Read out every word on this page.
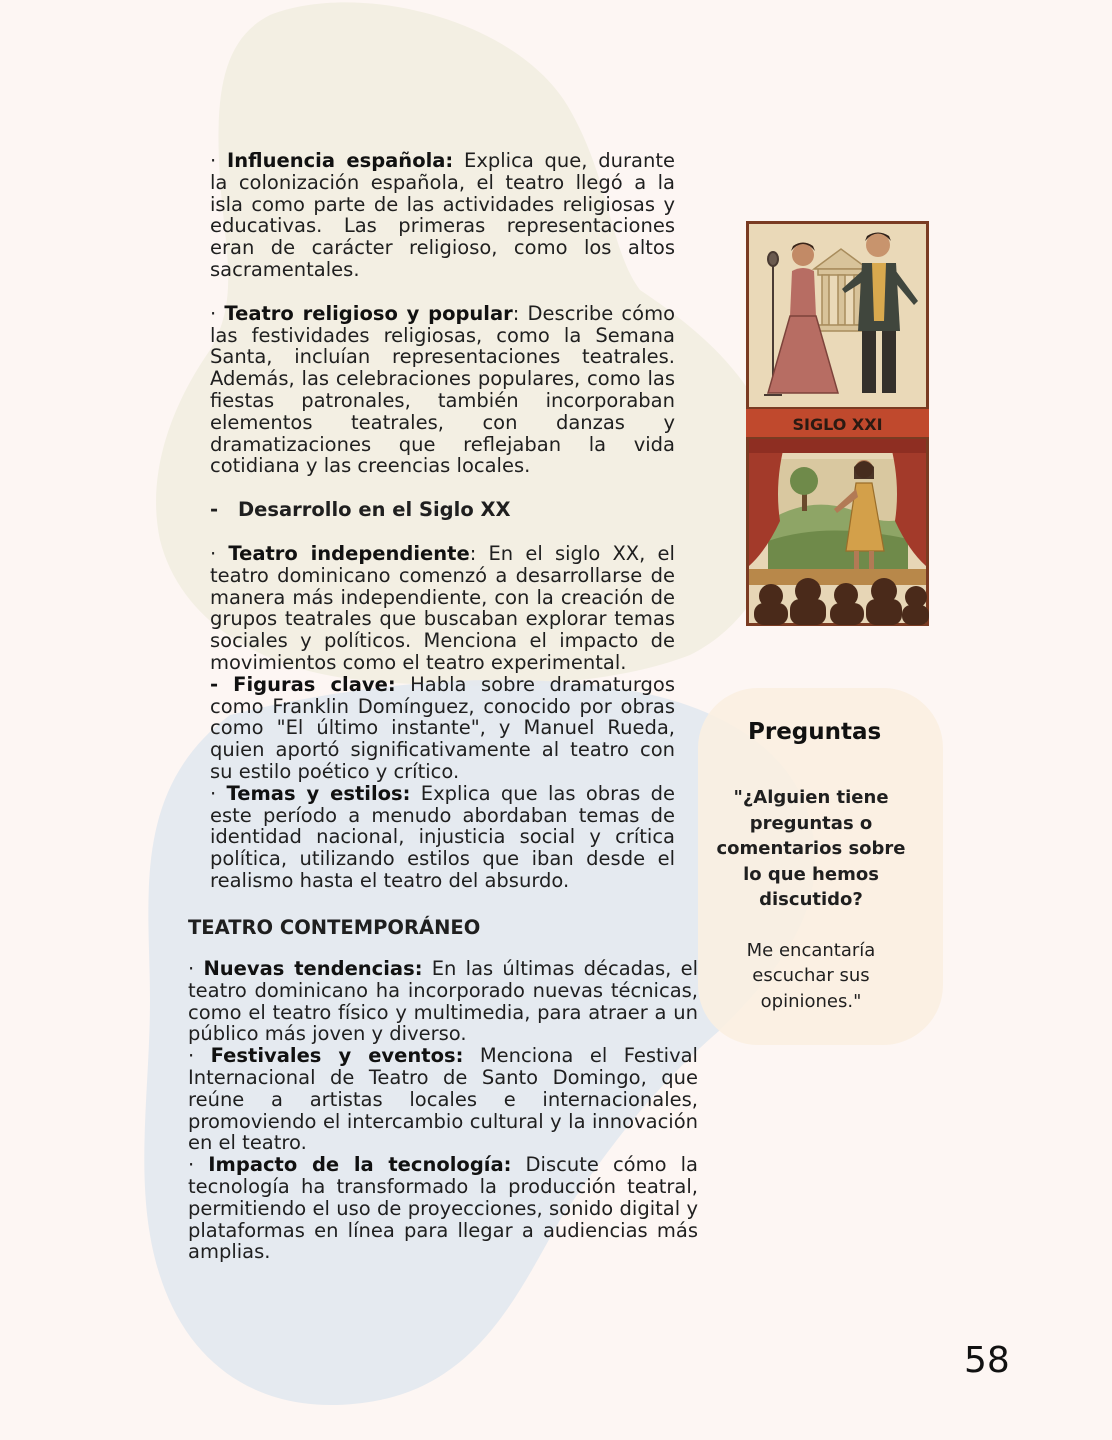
· Influencia española: Explica que, durante la colonización española, el teatro llegó a la isla como parte de las actividades religiosas y educativas. Las primeras representaciones eran de carácter religioso, como los altos sacramentales.

· Teatro religioso y popular: Describe cómo las festividades religiosas, como la Semana Santa, incluían representaciones teatrales. Además, las celebraciones populares, como las fiestas patronales, también incorporaban elementos teatrales, con danzas y dramatizaciones que reflejaban la vida cotidiana y las creencias locales.

- Desarrollo en el Siglo XX

· Teatro independiente: En el siglo XX, el teatro dominicano comenzó a desarrollarse de manera más independiente, con la creación de grupos teatrales que buscaban explorar temas sociales y políticos. Menciona el impacto de movimientos como el teatro experimental.

- Figuras clave: Habla sobre dramaturgos como Franklin Domínguez, conocido por obras como "El último instante", y Manuel Rueda, quien aportó significativamente al teatro con su estilo poético y crítico.

· Temas y estilos: Explica que las obras de este período a menudo abordaban temas de identidad nacional, injusticia social y crítica política, utilizando estilos que iban desde el realismo hasta el teatro del absurdo.

TEATRO CONTEMPORÁNEO

· Nuevas tendencias: En las últimas décadas, el teatro dominicano ha incorporado nuevas técnicas, como el teatro físico y multimedia, para atraer a un público más joven y diverso.

· Festivales y eventos: Menciona el Festival Internacional de Teatro de Santo Domingo, que reúne a artistas locales e internacionales, promoviendo el intercambio cultural y la innovación en el teatro.

· Impacto de la tecnología: Discute cómo la tecnología ha transformado la producción teatral, permitiendo el uso de proyecciones, sonido digital y plataformas en línea para llegar a audiencias más amplias.

SIGLO XXI
Preguntas
"¿Alguien tiene preguntas o comentarios sobre lo que hemos discutido?
Me encantaría escuchar sus opiniones."
58
